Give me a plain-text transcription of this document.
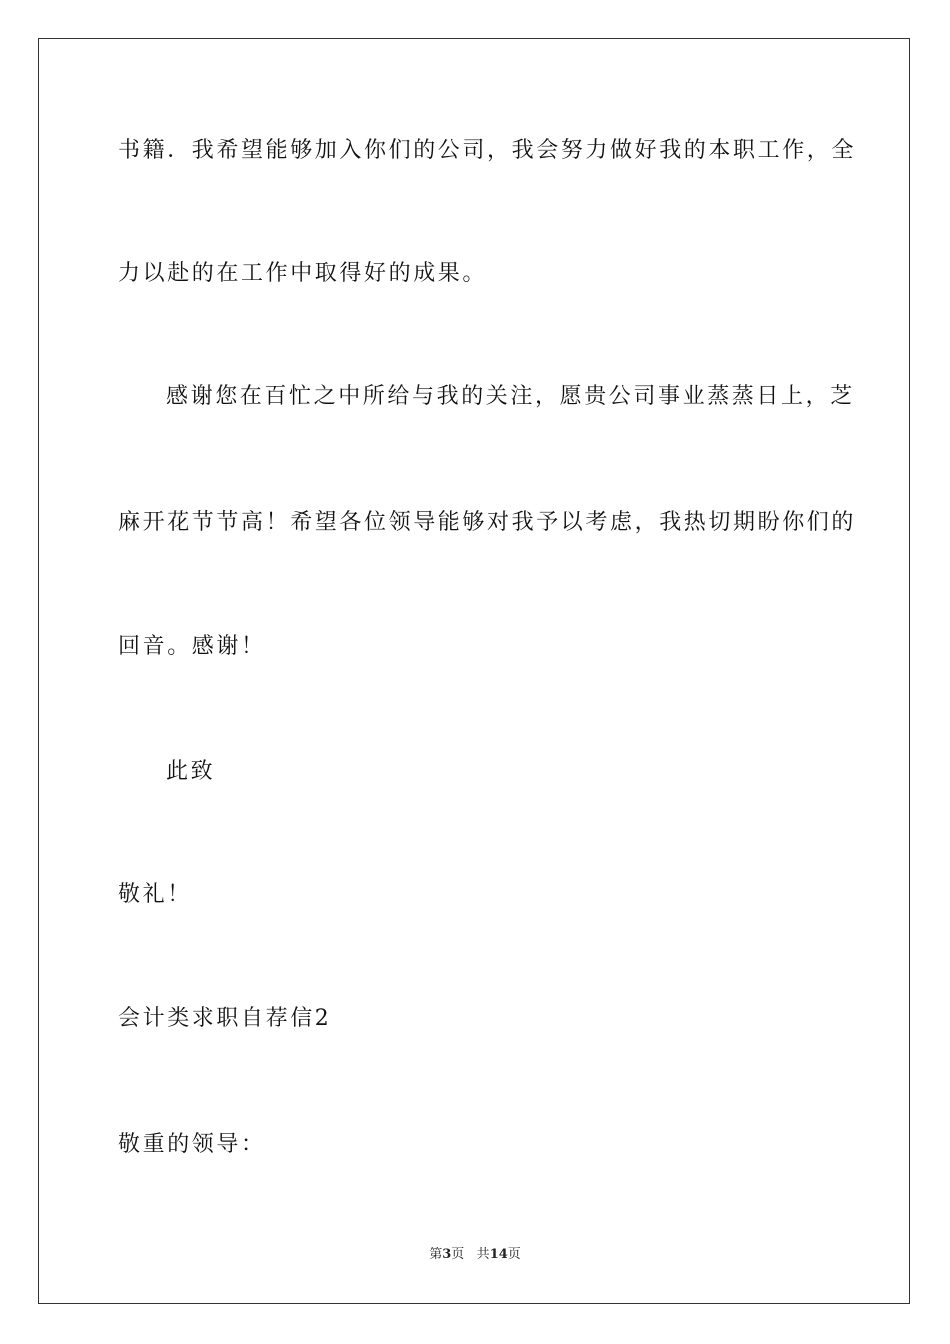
书籍．我希望能够加入你们的公司，我会努力做好我的本职工作，全
力以赴的在工作中取得好的成果。
感谢您在百忙之中所给与我的关注，愿贵公司事业蒸蒸日上，芝
麻开花节节高！希望各位领导能够对我予以考虑，我热切期盼你们的
回音。感谢！
此致
敬礼！
会计类求职自荐信2
敬重的领导：
第3页 共14页
